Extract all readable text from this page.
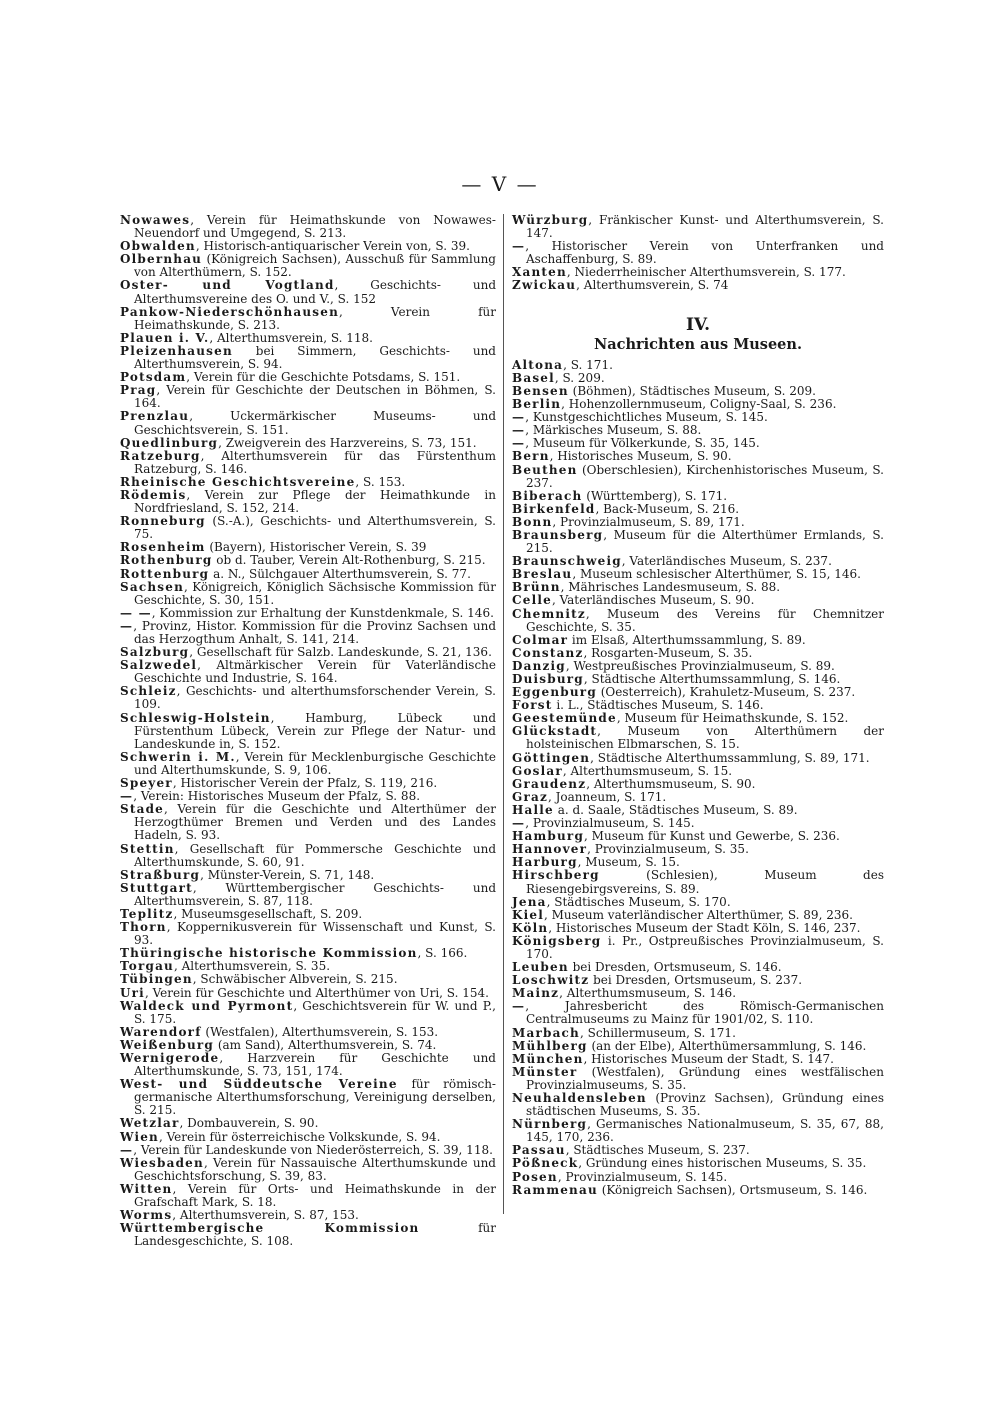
— V —

Nowawes, Verein für Heimathskunde von Nowawes-Neuendorf und Umgegend, S. 213.

Obwalden, Historisch-antiquarischer Verein von, S. 39.

Olbernhau (Königreich Sachsen), Ausschuß für Sammlung von Alterthümern, S. 152.

Oster- und Vogtland, Geschichts- und Alterthumsvereine des O. und V., S. 152

Pankow-Niederschönhausen, Verein für Heimathskunde, S. 213.

Plauen i. V., Alterthumsverein, S. 118.

Pleizenhausen bei Simmern, Geschichts- und Alterthumsverein, S. 94.

Potsdam, Verein für die Geschichte Potsdams, S. 151.

Prag, Verein für Geschichte der Deutschen in Böhmen, S. 164.

Prenzlau, Uckermärkischer Museums- und Geschichtsverein, S. 151.

Quedlinburg, Zweigverein des Harzvereins, S. 73, 151.

Ratzeburg, Alterthumsverein für das Fürstenthum Ratzeburg, S. 146.

Rheinische Geschichtsvereine, S. 153.

Rödemis, Verein zur Pflege der Heimathkunde in Nordfriesland, S. 152, 214.

Ronneburg (S.-A.), Geschichts- und Alterthumsverein, S. 75.

Rosenheim (Bayern), Historischer Verein, S. 39

Rothenburg ob d. Tauber, Verein Alt-Rothenburg, S. 215.

Rottenburg a. N., Sülchgauer Alterthumsverein, S. 77.

Sachsen, Königreich, Königlich Sächsische Kommission für Geschichte, S. 30, 151.

— —, Kommission zur Erhaltung der Kunstdenkmale, S. 146.

—, Provinz, Histor. Kommission für die Provinz Sachsen und das Herzogthum Anhalt, S. 141, 214.

Salzburg, Gesellschaft für Salzb. Landeskunde, S. 21, 136.

Salzwedel, Altmärkischer Verein für Vaterländische Geschichte und Industrie, S. 164.

Schleiz, Geschichts- und alterthumsforschender Verein, S. 109.

Schleswig-Holstein, Hamburg, Lübeck und Fürstenthum Lübeck, Verein zur Pflege der Natur- und Landeskunde in, S. 152.

Schwerin i. M., Verein für Mecklenburgische Geschichte und Alterthumskunde, S. 9, 106.

Speyer, Historischer Verein der Pfalz, S. 119, 216.

—, Verein: Historisches Museum der Pfalz, S. 88.

Stade, Verein für die Geschichte und Alterthümer der Herzogthümer Bremen und Verden und des Landes Hadeln, S. 93.

Stettin, Gesellschaft für Pommersche Geschichte und Alterthumskunde, S. 60, 91.

Straßburg, Münster-Verein, S. 71, 148.

Stuttgart, Württembergischer Geschichts- und Alterthumsverein, S. 87, 118.

Teplitz, Museumsgesellschaft, S. 209.

Thorn, Koppernikusverein für Wissenschaft und Kunst, S. 93.

Thüringische historische Kommission, S. 166.

Torgau, Alterthumsverein, S. 35.

Tübingen, Schwäbischer Albverein, S. 215.

Uri, Verein für Geschichte und Alterthümer von Uri, S. 154.

Waldeck und Pyrmont, Geschichtsverein für W. und P., S. 175.

Warendorf (Westfalen), Alterthumsverein, S. 153.

Weißenburg (am Sand), Alterthumsverein, S. 74.

Wernigerode, Harzverein für Geschichte und Alterthumskunde, S. 73, 151, 174.

West- und Süddeutsche Vereine für römisch-germanische Alterthumsforschung, Vereinigung derselben, S. 215.

Wetzlar, Dombauverein, S. 90.

Wien, Verein für österreichische Volkskunde, S. 94.

—, Verein für Landeskunde von Niederösterreich, S. 39, 118.

Wiesbaden, Verein für Nassauische Alterthumskunde und Geschichtsforschung, S. 39, 83.

Witten, Verein für Orts- und Heimathskunde in der Grafschaft Mark, S. 18.

Worms, Alterthumsverein, S. 87, 153.

Württembergische Kommission für Landesgeschichte, S. 108.

Würzburg, Fränkischer Kunst- und Alterthumsverein, S. 147.

—, Historischer Verein von Unterfranken und Aschaffenburg, S. 89.

Xanten, Niederrheinischer Alterthumsverein, S. 177.

Zwickau, Alterthumsverein, S. 74

IV.
Nachrichten aus Museen.

Altona, S. 171.

Basel, S. 209.

Bensen (Böhmen), Städtisches Museum, S. 209.

Berlin, Hohenzollernmuseum, Coligny-Saal, S. 236.

—, Kunstgeschichtliches Museum, S. 145.

—, Märkisches Museum, S. 88.

—, Museum für Völkerkunde, S. 35, 145.

Bern, Historisches Museum, S. 90.

Beuthen (Oberschlesien), Kirchenhistorisches Museum, S. 237.

Biberach (Württemberg), S. 171.

Birkenfeld, Back-Museum, S. 216.

Bonn, Provinzialmuseum, S. 89, 171.

Braunsberg, Museum für die Alterthümer Ermlands, S. 215.

Braunschweig, Vaterländisches Museum, S. 237.

Breslau, Museum schlesischer Alterthümer, S. 15, 146.

Brünn, Mährisches Landesmuseum, S. 88.

Celle, Vaterländisches Museum, S. 90.

Chemnitz, Museum des Vereins für Chemnitzer Geschichte, S. 35.

Colmar im Elsaß, Alterthumssammlung, S. 89.

Constanz, Rosgarten-Museum, S. 35.

Danzig, Westpreußisches Provinzialmuseum, S. 89.

Duisburg, Städtische Alterthumssammlung, S. 146.

Eggenburg (Oesterreich), Krahuletz-Museum, S. 237.

Forst i. L., Städtisches Museum, S. 146.

Geestemünde, Museum für Heimathskunde, S. 152.

Glückstadt, Museum von Alterthümern der holsteinischen Elbmarschen, S. 15.

Göttingen, Städtische Alterthumssammlung, S. 89, 171.

Goslar, Alterthumsmuseum, S. 15.

Graudenz, Alterthumsmuseum, S. 90.

Graz, Joanneum, S. 171.

Halle a. d. Saale, Städtisches Museum, S. 89.

—, Provinzialmuseum, S. 145.

Hamburg, Museum für Kunst und Gewerbe, S. 236.

Hannover, Provinzialmuseum, S. 35.

Harburg, Museum, S. 15.

Hirschberg (Schlesien), Museum des Riesengebirgsvereins, S. 89.

Jena, Städtisches Museum, S. 170.

Kiel, Museum vaterländischer Alterthümer, S. 89, 236.

Köln, Historisches Museum der Stadt Köln, S. 146, 237.

Königsberg i. Pr., Ostpreußisches Provinzialmuseum, S. 170.

Leuben bei Dresden, Ortsmuseum, S. 146.

Loschwitz bei Dresden, Ortsmuseum, S. 237.

Mainz, Alterthumsmuseum, S. 146.

—, Jahresbericht des Römisch-Germanischen Centralmuseums zu Mainz für 1901/02, S. 110.

Marbach, Schillermuseum, S. 171.

Mühlberg (an der Elbe), Alterthümersammlung, S. 146.

München, Historisches Museum der Stadt, S. 147.

Münster (Westfalen), Gründung eines westfälischen Provinzialmuseums, S. 35.

Neuhaldensleben (Provinz Sachsen), Gründung eines städtischen Museums, S. 35.

Nürnberg, Germanisches Nationalmuseum, S. 35, 67, 88, 145, 170, 236.

Passau, Städtisches Museum, S. 237.

Pößneck, Gründung eines historischen Museums, S. 35.

Posen, Provinzialmuseum, S. 145.

Rammenau (Königreich Sachsen), Ortsmuseum, S. 146.
